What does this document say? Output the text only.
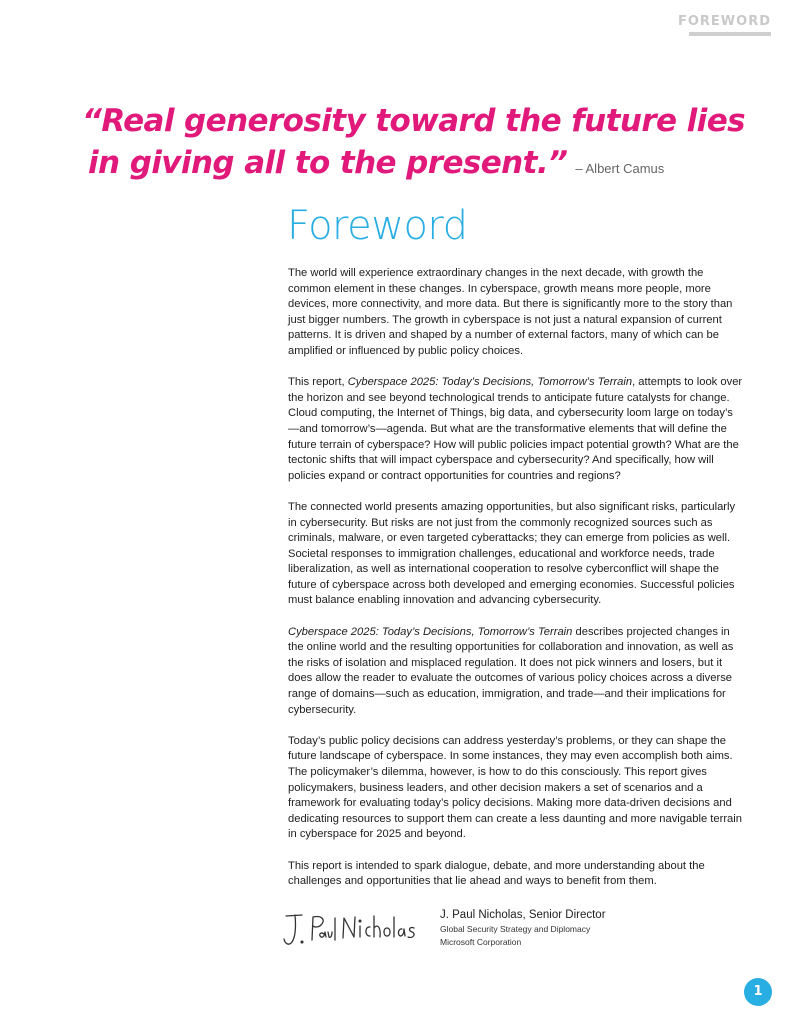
FOREWORD
“Real generosity toward the future lies
in giving all to the present.” – Albert Camus
Foreword

The world will experience extraordinary changes in the next decade, with growth the common element in these changes. In cyberspace, growth means more people, more devices, more connectivity, and more data. But there is significantly more to the story than just bigger numbers. The growth in cyberspace is not just a natural expansion of current patterns. It is driven and shaped by a number of external factors, many of which can be amplified or influenced by public policy choices.

This report, Cyberspace 2025: Today’s Decisions, Tomorrow’s Terrain, attempts to look over the horizon and see beyond technological trends to anticipate future catalysts for change. Cloud computing, the Internet of Things, big data, and cybersecurity loom large on today’s—and tomorrow’s—agenda. But what are the transformative elements that will define the future terrain of cyberspace? How will public policies impact potential growth? What are the tectonic shifts that will impact cyberspace and cybersecurity? And specifically, how will policies expand or contract opportunities for countries and regions?

The connected world presents amazing opportunities, but also significant risks, particularly in cybersecurity. But risks are not just from the commonly recognized sources such as criminals, malware, or even targeted cyberattacks; they can emerge from policies as well. Societal responses to immigration challenges, educational and workforce needs, trade liberalization, as well as international cooperation to resolve cyberconflict will shape the future of cyberspace across both developed and emerging economies. Successful policies must balance enabling innovation and advancing cybersecurity.

Cyberspace 2025: Today’s Decisions, Tomorrow’s Terrain describes projected changes in the online world and the resulting opportunities for collaboration and innovation, as well as the risks of isolation and misplaced regulation. It does not pick winners and losers, but it does allow the reader to evaluate the outcomes of various policy choices across a diverse range of domains—such as education, immigration, and trade—and their implications for cybersecurity.

Today’s public policy decisions can address yesterday’s problems, or they can shape the future landscape of cyberspace. In some instances, they may even accomplish both aims. The policymaker’s dilemma, however, is how to do this consciously. This report gives policymakers, business leaders, and other decision makers a set of scenarios and a framework for evaluating today’s policy decisions. Making more data-driven decisions and dedicating resources to support them can create a less daunting and more navigable terrain in cyberspace for 2025 and beyond.

This report is intended to spark dialogue, debate, and more understanding about the challenges and opportunities that lie ahead and ways to benefit from them.

J. Paul Nicholas, Senior Director
Global Security Strategy and Diplomacy
Microsoft Corporation
1
